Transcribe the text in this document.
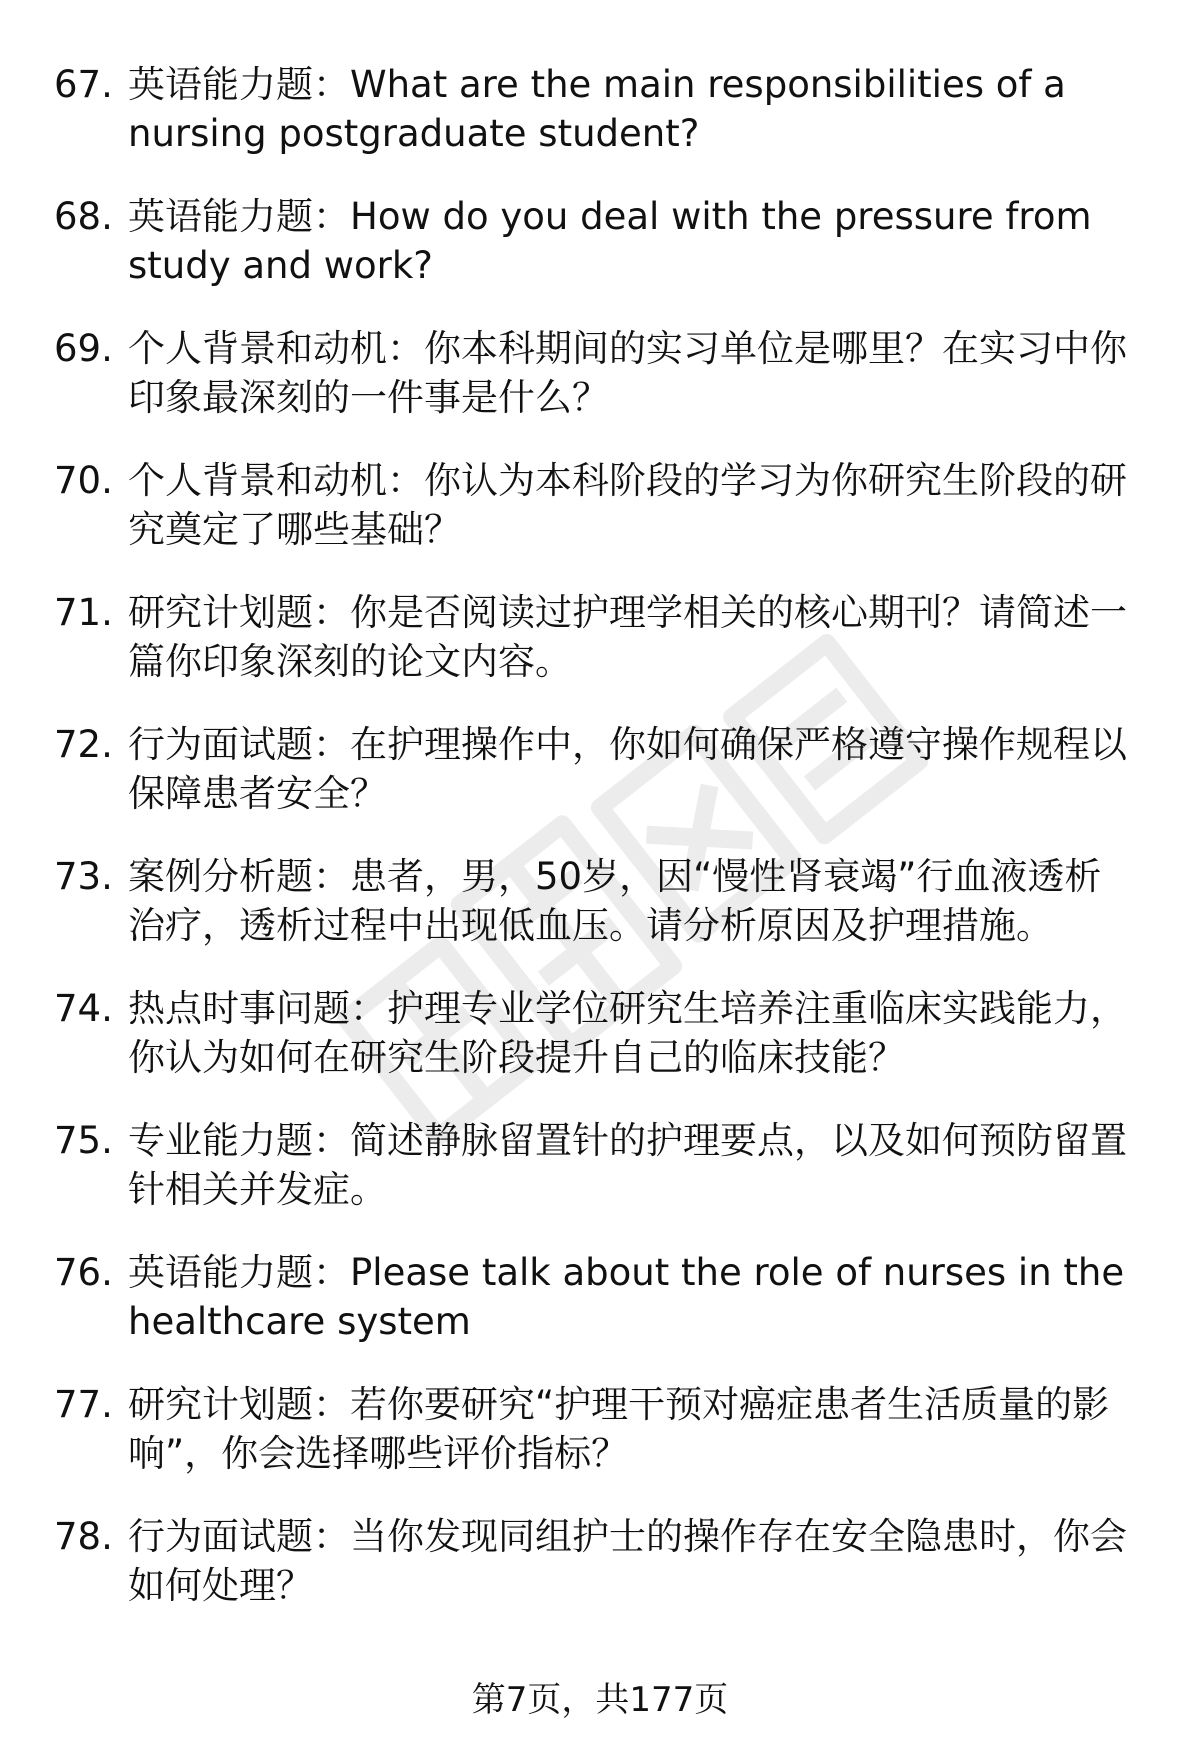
67. 英语能力题：What are the main responsibilities of a nursing postgraduate student?
68. 英语能力题：How do you deal with the pressure from study and work?
69. 个人背景和动机：你本科期间的实习单位是哪里？在实习中你印象最深刻的一件事是什么？
70. 个人背景和动机：你认为本科阶段的学习为你研究生阶段的研究奠定了哪些基础？
71. 研究计划题：你是否阅读过护理学相关的核心期刊？请简述一篇你印象深刻的论文内容。
72. 行为面试题：在护理操作中，你如何确保严格遵守操作规程以保障患者安全？
73. 案例分析题：患者，男，50岁，因“慢性肾衰竭”行血液透析治疗，透析过程中出现低血压。请分析原因及护理措施。
74. 热点时事问题：护理专业学位研究生培养注重临床实践能力，你认为如何在研究生阶段提升自己的临床技能？
75. 专业能力题：简述静脉留置针的护理要点，以及如何预防留置针相关并发症。
76. 英语能力题：Please talk about the role of nurses in the healthcare system
77. 研究计划题：若你要研究“护理干预对癌症患者生活质量的影响”，你会选择哪些评价指标？
78. 行为面试题：当你发现同组护士的操作存在安全隐患时，你会如何处理？
第7页，共177页
